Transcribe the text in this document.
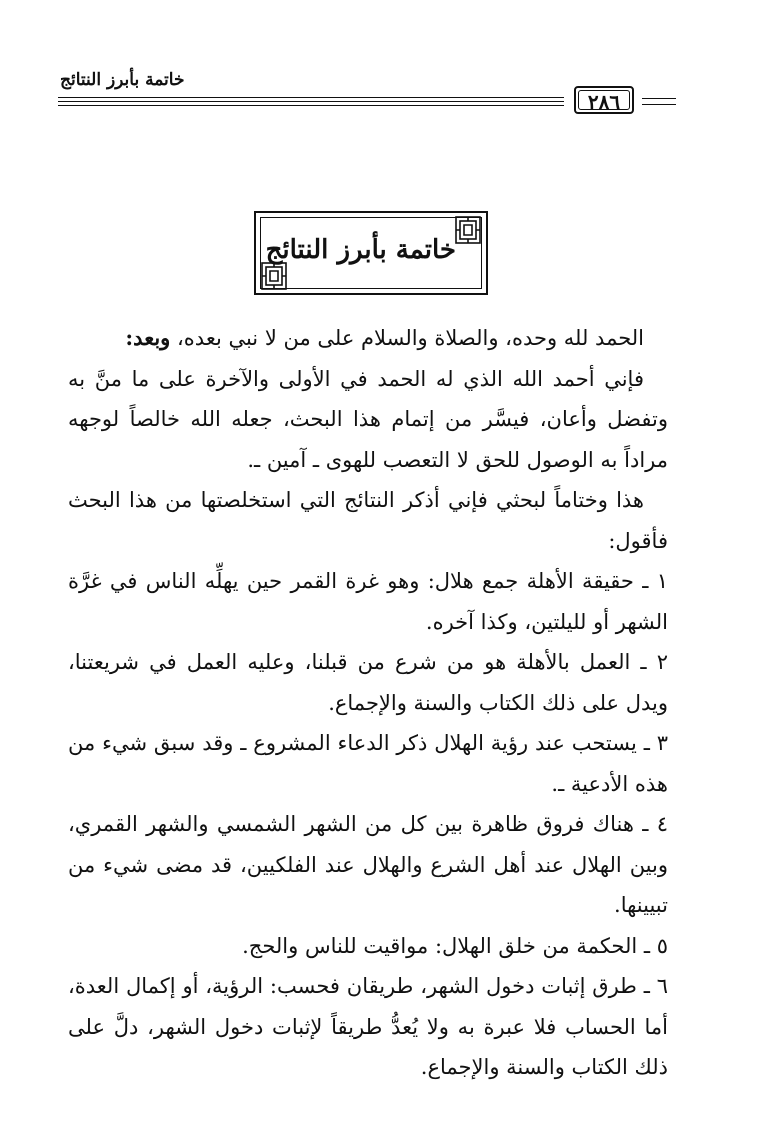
خاتمة بأبرز النتائج
٢٨٦
خاتمة بأبرز النتائج

الحمد لله وحده، والصلاة والسلام على من لا نبي بعده، وبعد:

فإني أحمد الله الذي له الحمد في الأولى والآخرة على ما منَّ به وتفضل وأعان، فيسَّر من إتمام هذا البحث، جعله الله خالصاً لوجهه مراداً به الوصول للحق لا التعصب للهوى ـ آمين ـ.

هذا وختاماً لبحثي فإني أذكر النتائج التي استخلصتها من هذا البحث فأقول:

١ ـ حقيقة الأهلة جمع هلال: وهو غرة القمر حين يهلِّه الناس في غرَّة الشهر أو لليلتين، وكذا آخره.

٢ ـ العمل بالأهلة هو من شرع من قبلنا، وعليه العمل في شريعتنا، ويدل على ذلك الكتاب والسنة والإجماع.

٣ ـ يستحب عند رؤية الهلال ذكر الدعاء المشروع ـ وقد سبق شيء من هذه الأدعية ـ.

٤ ـ هناك فروق ظاهرة بين كل من الشهر الشمسي والشهر القمري، وبين الهلال عند أهل الشرع والهلال عند الفلكيين، قد مضى شيء من تبيينها.

٥ ـ الحكمة من خلق الهلال: مواقيت للناس والحج.

٦ ـ طرق إثبات دخول الشهر، طريقان فحسب: الرؤية، أو إكمال العدة، أما الحساب فلا عبرة به ولا يُعدُّ طريقاً لإثبات دخول الشهر، دلَّ على ذلك الكتاب والسنة والإجماع.
